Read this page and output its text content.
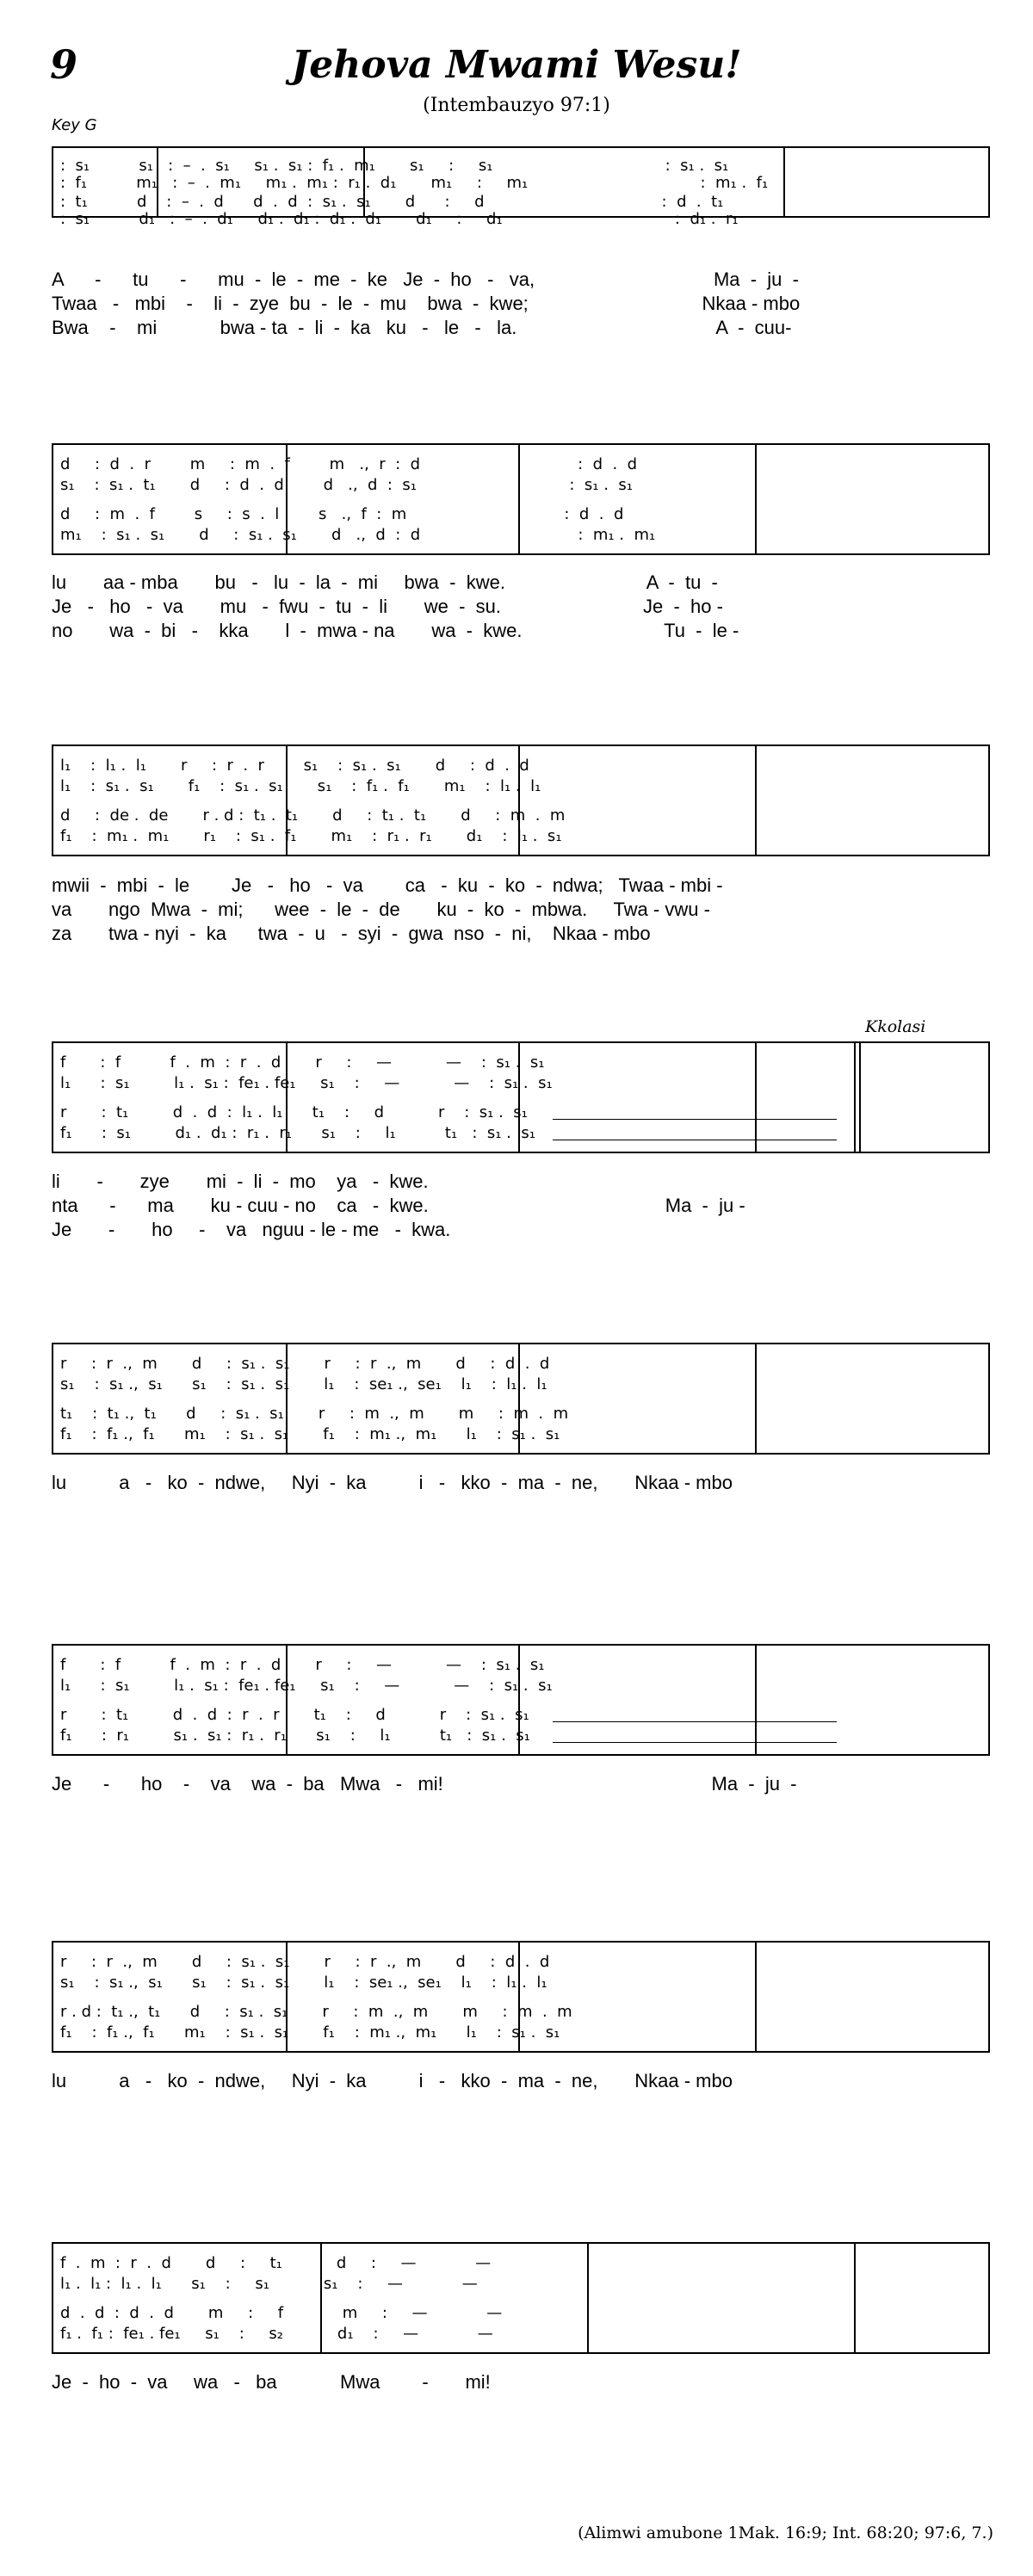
9	Jehova Mwami Wesu!
(Intembauzyo 97:1)
Key G
Kkolasi
:  s₁          s₁   :  –  .  s₁     s₁ .  s₁ :  f₁ .  m₁       s₁     :     s₁                                   :  s₁ .  s₁
:  f₁          m₁   :  –  .  m₁     m₁ .  m₁ :  r₁ .  d₁       m₁     :     m₁                                   :  m₁ .  f₁
:  t₁          d    :  –  .  d      d  .  d  :  s₁ .  s₁       d      :     d                                    :  d  .  t₁
:  s₁          d₁   :  –  .  d₁     d₁ .  d₁ :  d₁ .  d₁       d₁     :     d₁                                   :  d₁ .  r₁
A      -      tu      -      mu  -  le  -  me  -  ke   Je  -  ho   -   va,                                  Ma  -  ju  -
Twaa   -   mbi    -    li  -  zye  bu  -  le  -  mu    bwa  -  kwe;                                 Nkaa - mbo
Bwa    -    mi            bwa - ta  -  li  -  ka   ku   -   le   -   la.                                      A  -  cuu-
d     :  d  .  r        m     :  m  .  f        m   .,  r  :  d                                :  d  .  d
s₁    :  s₁ .  t₁       d     :  d  .  d        d   .,  d  :  s₁                               :  s₁ .  s₁
d     :  m  .  f        s     :  s  .  l        s   .,  f  :  m                                :  d  .  d
m₁    :  s₁ .  s₁       d     :  s₁ .  s₁       d   .,  d  :  d                                :  m₁ .  m₁
lu       aa - mba       bu   -   lu  -  la  -  mi     bwa  -  kwe.                           A  -  tu  -
Je   -   ho   -  va       mu   -  fwu  -  tu  -  li       we  -  su.                           Je  -  ho -
no       wa  -  bi   -    kka       l  -  mwa - na       wa  -  kwe.                           Tu  -  le -
l₁    :  l₁ .  l₁       r     :  r  .  r        s₁    :  s₁ .  s₁       d     :  d  .  d
l₁    :  s₁ .  s₁       f₁    :  s₁ .  s₁       s₁    :  f₁ .  f₁       m₁    :  l₁ .  l₁
d     :  de .  de       r . d :  t₁ .  t₁       d     :  t₁ .  t₁       d     :  m  .  m
f₁    :  m₁ .  m₁       r₁    :  s₁ .  f₁       m₁    :  r₁ .  r₁       d₁    :  l₁ .  s₁
mwii  -  mbi  -  le        Je   -   ho   -  va        ca   -  ku  -  ko  -  ndwa;   Twaa - mbi -
va       ngo  Mwa  -  mi;      wee  -  le  -  de       ku  -  ko  -  mbwa.     Twa - vwu -
za       twa - nyi  -  ka      twa  -  u   -  syi  -  gwa  nso  -  ni,    Nkaa - mbo
f       :  f          f  .  m  :  r  .  d       r     :     —           —    :  s₁ .  s₁
l₁      :  s₁         l₁ .  s₁ :  fe₁ . fe₁     s₁    :     —           —    :  s₁ .  s₁
r       :  t₁         d  .  d  :  l₁ .  l₁      t₁    :     d           r    :  s₁ .  s₁
f₁      :  s₁         d₁ .  d₁ :  r₁ .  r₁      s₁    :     l₁          t₁   :  s₁ .  s₁
li       -       zye       mi  -  li  -  mo    ya   -  kwe.
nta      -      ma       ku - cuu - no    ca   -  kwe.                                             Ma  -  ju -
Je       -       ho     -    va   nguu - le - me   -  kwa.
r     :  r  .,  m       d     :  s₁ .  s₁       r     :  r  .,  m       d     :  d  .  d
s₁    :  s₁ .,  s₁      s₁    :  s₁ .  s₁       l₁    :  se₁ .,  se₁    l₁    :  l₁ .  l₁
t₁    :  t₁ .,  t₁      d     :  s₁ .  s₁       r     :  m  .,  m       m     :  m  .  m
f₁    :  f₁ .,  f₁      m₁    :  s₁ .  s₁       f₁    :  m₁ .,  m₁      l₁    :  s₁ .  s₁
lu          a   -   ko  -  ndwe,     Nyi  -  ka          i   -   kko  -  ma  -  ne,       Nkaa - mbo
f       :  f          f  .  m  :  r  .  d       r     :     —           —    :  s₁ .  s₁
l₁      :  s₁         l₁ .  s₁ :  fe₁ . fe₁     s₁    :     —           —    :  s₁ .  s₁
r       :  t₁         d  .  d  :  r  .  r       t₁    :     d           r    :  s₁ .  s₁
f₁      :  r₁         s₁ .  s₁ :  r₁ .  r₁      s₁    :     l₁          t₁   :  s₁ .  s₁
Je      -      ho    -    va    wa  -  ba   Mwa   -   mi!                                                   Ma  -  ju  -
r     :  r  .,  m       d     :  s₁ .  s₁       r     :  r  .,  m       d     :  d  .  d
s₁    :  s₁ .,  s₁      s₁    :  s₁ .  s₁       l₁    :  se₁ .,  se₁    l₁    :  l₁ .  l₁
r . d :  t₁ .,  t₁      d     :  s₁ .  s₁       r     :  m  .,  m       m     :  m  .  m
f₁    :  f₁ .,  f₁      m₁    :  s₁ .  s₁       f₁    :  m₁ .,  m₁      l₁    :  s₁ .  s₁
lu          a   -   ko  -  ndwe,     Nyi  -  ka          i   -   kko  -  ma  -  ne,       Nkaa - mbo
f  .  m  :  r  .  d       d     :     t₁           d     :     —            —
l₁ .  l₁ :  l₁ .  l₁      s₁    :     s₁           s₁    :     —            —
d  .  d  :  d  .  d       m     :     f            m     :     —            —
f₁ .  f₁ :  fe₁ . fe₁     s₁    :     s₂           d₁    :     —            —
Je  -  ho  -  va     wa   -   ba            Mwa        -       mi!
(Alimwi amubone 1Mak. 16:9; Int. 68:20; 97:6, 7.)
